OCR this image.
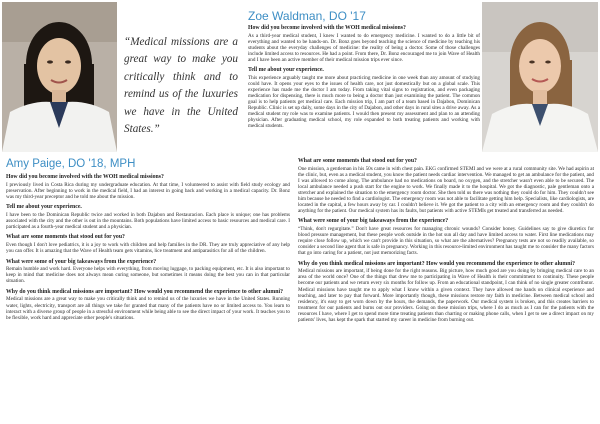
“Medical missions are a great way to make you critically think and to remind us of the luxuries we have in the United States.”
Zoe Waldman, DO '17
How did you become involved with the WOH medical missions?

As a third-year medical student, I knew I wanted to do emergency medicine. I wanted to do a little bit of everything and wanted to be hands-on. Dr. Bonz goes beyond teaching the science of medicine by teaching his students about the everyday challenges of medicine: the reality of being a doctor. Some of those challenges include limited access to resources. He had a point. From there, Dr. Bonz encouraged me to join Wave of Health and I have been an active member of their medical mission trips ever since.

Tell me about your experience.

This experience arguably taught me more about practicing medicine in one week than any amount of studying could have. It opens your eyes to the issues of health care, not just domestically but on a global scale. This experience has made me the doctor I am today. From taking vital signs to registration, and even packaging medication for dispensing, there is much more to being a doctor than just examining the patient. The common goal is to help patients get medical care. Each mission trip, I am part of a team based in Dajabon, Dominican Republic. Clinic is set up daily, some days in the city of Dajabon, and other days in rural sites a drive away. As a medical student my role was to examine patients. I would then present my assessment and plan to an attending physician. After graduating medical school, my role expanded to both treating patients and working with medical students.

Amy Paige, DO '18, MPH
How did you become involved with the WOH medical missions?

I previously lived in Costa Rica during my undergraduate education. At that time, I volunteered to assist with field study ecology and preservation. After beginning to work in the medical field, I had an interest in going back and working in a medical capacity. Dr. Bonz was my third-year preceptor and he told me about the mission.

Tell me about your experience.

I have been to the Dominican Republic twice and worked in both Dajabon and Restauracion. Each place is unique; one has problems associated with the city and the other is out in the mountains. Both populations have limited access to basic resources and medical care. I participated as a fourth-year medical student and a physician.

What are some moments that stood out for you?

Even though I don't love pediatrics, it is a joy to work with children and help families in the DR. They are truly appreciative of any help you can offer. It is amazing that the Wave of Health team gets vitamins, lice treatment and antiparasitics for all of the children.

What were some of your big takeaways from the experience?

Remain humble and work hard. Everyone helps with everything, from moving luggage, to packing equipment, etc. It is also important to keep in mind that medicine does not always mean curing someone, but sometimes it means doing the best you can in that particular situation.

Why do you think medical missions are important? How would you recommend the experience to other alumni?

Medical missions are a great way to make you critically think and to remind us of the luxuries we have in the United States. Running water, lights, electricity, transport are all things we take for granted that many of the patients have no or limited access to. You learn to interact with a diverse group of people in a stressful environment while being able to see the direct impact of your work. It teaches you to be flexible, work hard and appreciate other people's situations.

What are some moments that stood out for you?

One mission, a gentleman in his 50s came in with chest pain. EKG confirmed STEMI and we were at a rural community site. We had aspirin at the clinic, but, even as a medical student, you know the patient needs cardiac intervention. We managed to get an ambulance for the patient, and I was allowed to come along. The ambulance had no medications on board, no oxygen, and the stretcher wasn't even able to be secured. The local ambulance needed a push start for the engine to work. We finally made it to the hospital. We got the diagnostic, pale gentleman onto a stretcher and explained the situation to the emergency room doctor. She then told us there was nothing they could do for him. They couldn't see him because he needed to find a cardiologist. The emergency room was not able to facilitate getting him help. Specialists, like cardiologists, are located in the capital, a few hours away by car. I couldn't believe it. We got the patient to a city with an emergency room and they couldn't do anything for the patient. Our medical system has its faults, but patients with active STEMIs get treated and transferred as needed.

What were some of your big takeaways from the experience?

“Think, don't regurgitate.” Don't have great resources for managing chronic wounds? Consider honey. Guidelines say to give diuretics for blood pressure management, but these people work outside in the hot sun all day and have limited access to water. First line medications may require close follow up, which we can't provide in this situation, so what are the alternatives? Pregnancy tests are not so readily available, so consider a second line agent that is safe in pregnancy. Working in this resource-limited environment has taught me to consider the many factors that go into caring for a patient, not just memorizing facts.

Why do you think medical missions are important? How would you recommend the experience to other alumni?

Medical missions are important, if being done for the right reasons. Big picture, how much good are you doing by bringing medical care to an area of the world once? One of the things that drew me to participating in Wave of Health is their commitment to continuity. These people become our patients and we return every six months for follow up. From an educational standpoint, I can think of no single greater contributor. Medical missions have taught me to apply what I know within a given context. They have allowed me hands on clinical experience and teaching, and later to pay that forward. More importantly though, these missions restore my faith in medicine. Between medical school and residency, it's easy to get worn down by the hours, the demands, the paperwork. Our medical system is broken, and this creates barriers to treatment for our patients and burns out our providers. Going on these mission trips, where I do as much as I can for the patients with the resources I have, where I get to spend more time treating patients than charting or making phone calls, when I get to see a direct impact on my patients' lives, has kept the spark that started my career in medicine from burning out.
